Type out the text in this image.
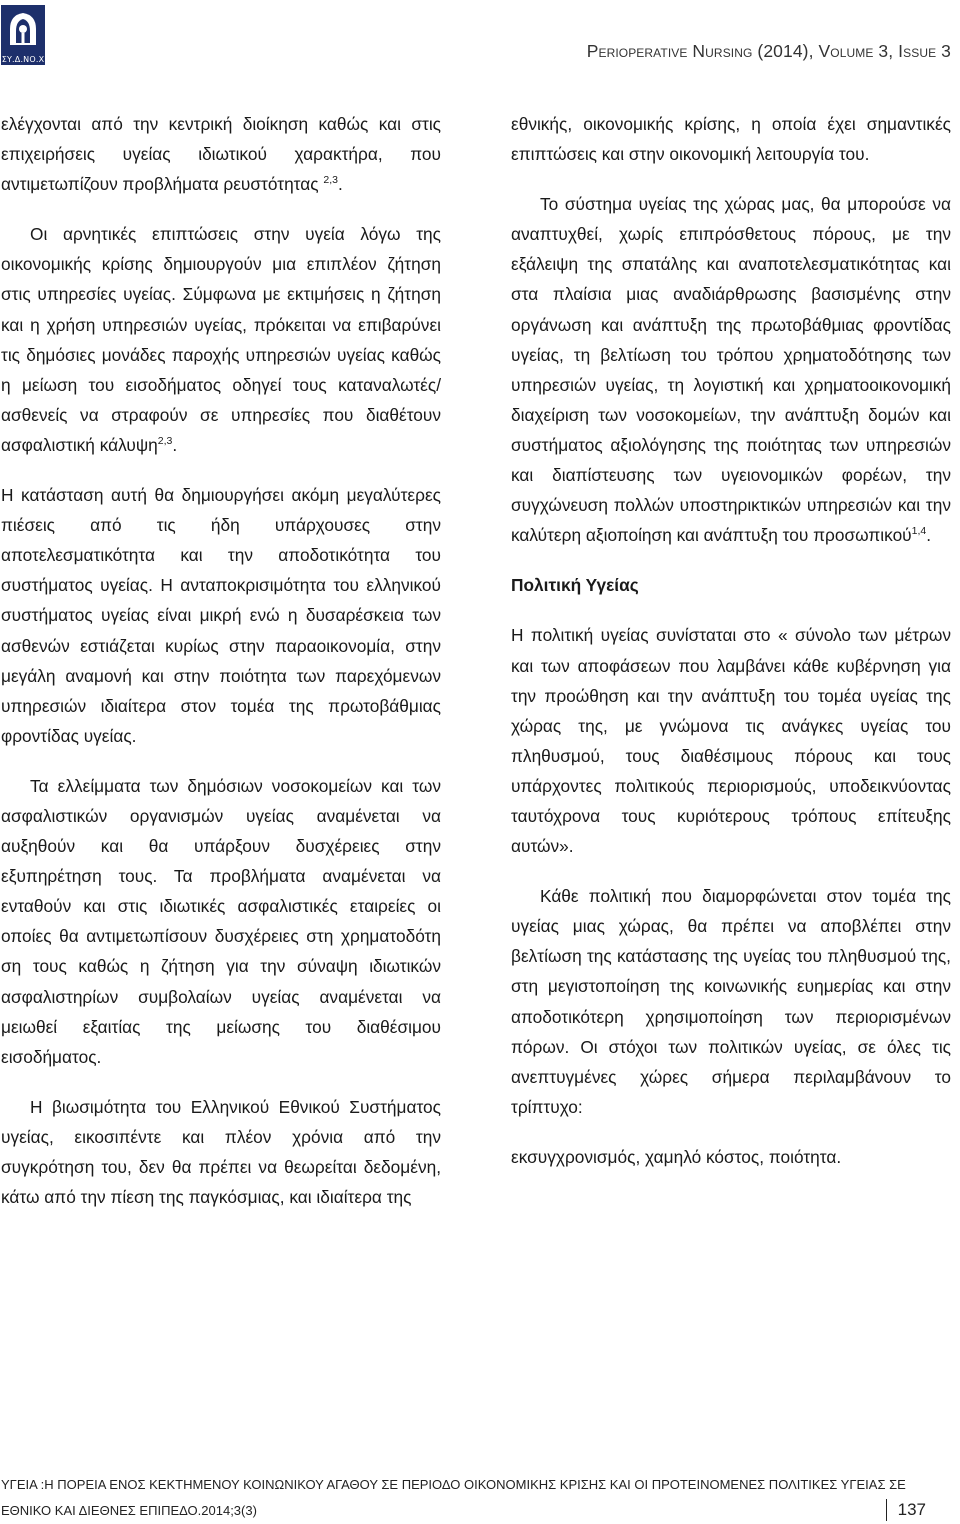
ΣΥ.Δ.ΝΟ.Χ	Perioperative Nursing (2014), Volume 3, Issue 3

ελέγχονται από την κεντρική διοίκηση καθώς και στις επιχειρήσεις υγείας ιδιωτικού χαρακτήρα, που αντιμετωπίζουν προβλήματα ρευστότητας $^{2,3}$.

Οι αρνητικές επιπτώσεις στην υγεία λόγω της οικονομικής κρίσης δημιουργούν μια επιπλέον ζήτηση στις υπηρεσίες υγείας. Σύμφωνα με εκτιμήσεις η ζήτηση και η χρήση υπηρεσιών υγείας, πρόκειται να επιβαρύνει τις δημόσιες μονάδες παροχής υπηρεσιών υγείας καθώς η μείωση του εισοδήματος οδηγεί τους καταναλωτές/ ασθενείς να στραφούν σε υπηρεσίες που διαθέτουν ασφαλιστική κάλυψη$^{2,3}$.

Η κατάσταση αυτή θα δημιουργήσει ακόμη μεγαλύτερες πιέσεις από τις ήδη υπάρχουσες στην αποτελεσματικότητα και την αποδοτικότητα του συστήματος υγείας. Η ανταποκρισιμότητα του ελληνικού συστήματος υγείας είναι μικρή ενώ η δυσαρέσκεια των ασθενών εστιάζεται κυρίως στην παραοικονομία, στην μεγάλη αναμονή και στην ποιότητα των παρεχόμενων υπηρεσιών ιδιαίτερα στον τομέα της πρωτοβάθμιας φροντίδας υγείας.

Τα ελλείμματα των δημόσιων νοσοκομείων και των ασφαλιστικών οργανισμών υγείας αναμένεται να αυξηθούν και θα υπάρξουν δυσχέρειες στην εξυπηρέτηση τους. Τα προβλήματα αναμένεται να ενταθούν και στις ιδιωτικές ασφαλιστικές εταιρείες οι οποίες θα αντιμετωπίσουν δυσχέρειες στη χρηματοδότη ση τους καθώς η ζήτηση για την σύναψη ιδιωτικών ασφαλιστηρίων συμβολαίων υγείας αναμένεται να μειωθεί εξαιτίας της μείωσης του διαθέσιμου εισοδήματος.

Η βιωσιμότητα του Ελληνικού Εθνικού Συστήματος υγείας, εικοσιπέντε και πλέον χρόνια από την συγκρότηση του, δεν θα πρέπει να θεωρείται δεδομένη, κάτω από την πίεση της παγκόσμιας, και ιδιαίτερα της

εθνικής, οικονομικής κρίσης, η οποία έχει σημαντικές επιπτώσεις και στην οικονομική λειτουργία του.

Το σύστημα υγείας της χώρας μας, θα μπορούσε να αναπτυχθεί, χωρίς επιπρόσθετους πόρους, με την εξάλειψη της σπατάλης και αναποτελεσματικότητας και στα πλαίσια μιας αναδιάρθρωσης βασισμένης στην οργάνωση και ανάπτυξη της πρωτοβάθμιας φροντίδας υγείας, τη βελτίωση του τρόπου χρηματοδότησης των υπηρεσιών υγείας, τη λογιστική και χρηματοοικονομική διαχείριση των νοσοκομείων, την ανάπτυξη δομών και συστήματος αξιολόγησης της ποιότητας των υπηρεσιών και διαπίστευσης των υγειονομικών φορέων, την συγχώνευση πολλών υποστηρικτικών υπηρεσιών και την καλύτερη αξιοποίηση και ανάπτυξη του προσωπικού$^{1,4}$.

Πολιτική Υγείας

Η πολιτική υγείας συνίσταται στο « σύνολο των μέτρων και των αποφάσεων που λαμβάνει κάθε κυβέρνηση για την προώθηση και την ανάπτυξη του τομέα υγείας της χώρας της, με γνώμονα τις ανάγκες υγείας του πληθυσμού, τους διαθέσιμους πόρους και τους υπάρχοντες πολιτικούς περιορισμούς, υποδεικνύοντας ταυτόχρονα τους κυριότερους τρόπους επίτευξης αυτών».

Κάθε πολιτική που διαμορφώνεται στον τομέα της υγείας μιας χώρας, θα πρέπει να αποβλέπει στην βελτίωση της κατάστασης της υγείας του πληθυσμού της, στη μεγιστοποίηση της κοινωνικής ευημερίας και στην αποδοτικότερη χρησιμοποίηση των περιορισμένων πόρων. Οι στόχοι των πολιτικών υγείας, σε όλες τις ανεπτυγμένες χώρες σήμερα περιλαμβάνουν το τρίπτυχο:

εκσυγχρονισμός, χαμηλό κόστος, ποιότητα.

ΥΓΕΙΑ :Η ΠΟΡΕΙΑ ΕΝΟΣ ΚΕΚΤΗΜΕΝΟΥ ΚΟΙΝΩΝΙΚΟΥ ΑΓΑΘΟΥ ΣΕ ΠΕΡΙΟΔΟ ΟΙΚΟΝΟΜΙΚΗΣ ΚΡΙΣΗΣ ΚΑΙ ΟΙ ΠΡΟΤΕΙΝΟΜΕΝΕΣ ΠΟΛΙΤΙΚΕΣ ΥΓΕΙΑΣ ΣΕ
ΕΘΝΙΚΟ ΚΑΙ ΔΙΕΘΝΕΣ ΕΠΙΠΕΔΟ.2014;3(3)	137
